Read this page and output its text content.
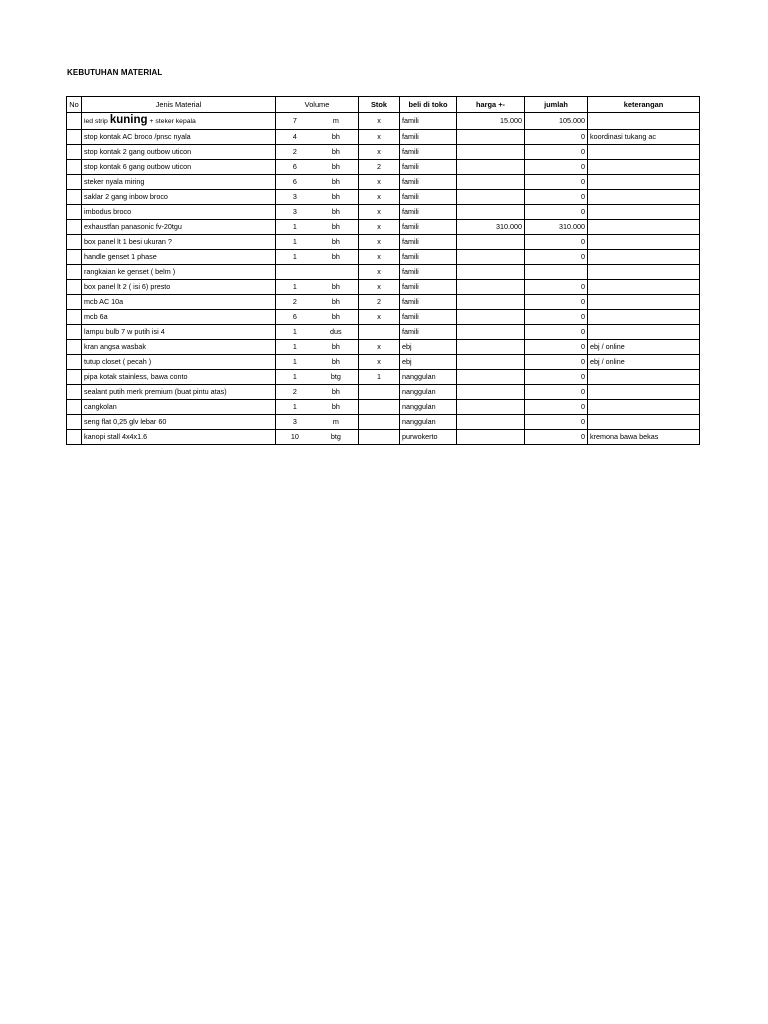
KEBUTUHAN MATERIAL
No	Jenis Material	Volume	Stok	beli di toko	harga +-	jumlah	keterangan
	led strip kuning + steker kepala	7 m	x	famili	15.000	105.000	
	stop kontak AC broco /pnsc nyala	4 bh	x	famili		0	koordinasi tukang ac
	stop kontak 2 gang outbow uticon	2 bh	x	famili		0	
	stop kontak 6 gang outbow uticon	6 bh	2	famili		0	
	steker nyala miring	6 bh	x	famili		0	
	saklar 2 gang inbow broco	3 bh	x	famili		0	
	imbodus broco	3 bh	x	famili		0	
	exhaustfan panasonic fv-20tgu	1 bh	x	famili	310.000	310.000	
	box panel lt 1 besi ukuran ?	1 bh	x	famili		0	
	handle genset 1 phase	1 bh	x	famili		0	
	rangkaian ke genset ( belm )		x	famili			
	box panel lt 2 ( isi 6) presto	1 bh	x	famili		0	
	mcb AC 10a	2 bh	2	famili		0	
	mcb 6a	6 bh	x	famili		0	
	lampu bulb 7 w putih isi 4	1 dus		famili		0	
	kran angsa wasbak	1 bh	x	ebj		0	ebj / online
	tutup closet ( pecah )	1 bh	x	ebj		0	ebj / online
	pipa kotak stainless, bawa conto	1 btg	1	nanggulan		0	
	sealant putih merk premium (buat pintu atas)	2 bh		nanggulan		0	
	cangkolan	1 bh		nanggulan		0	
	seng flat 0,25 glv lebar 60	3 m		nanggulan		0	
	kanopi stall 4x4x1.6	10 btg		purwokerto		0	kremona bawa bekas
